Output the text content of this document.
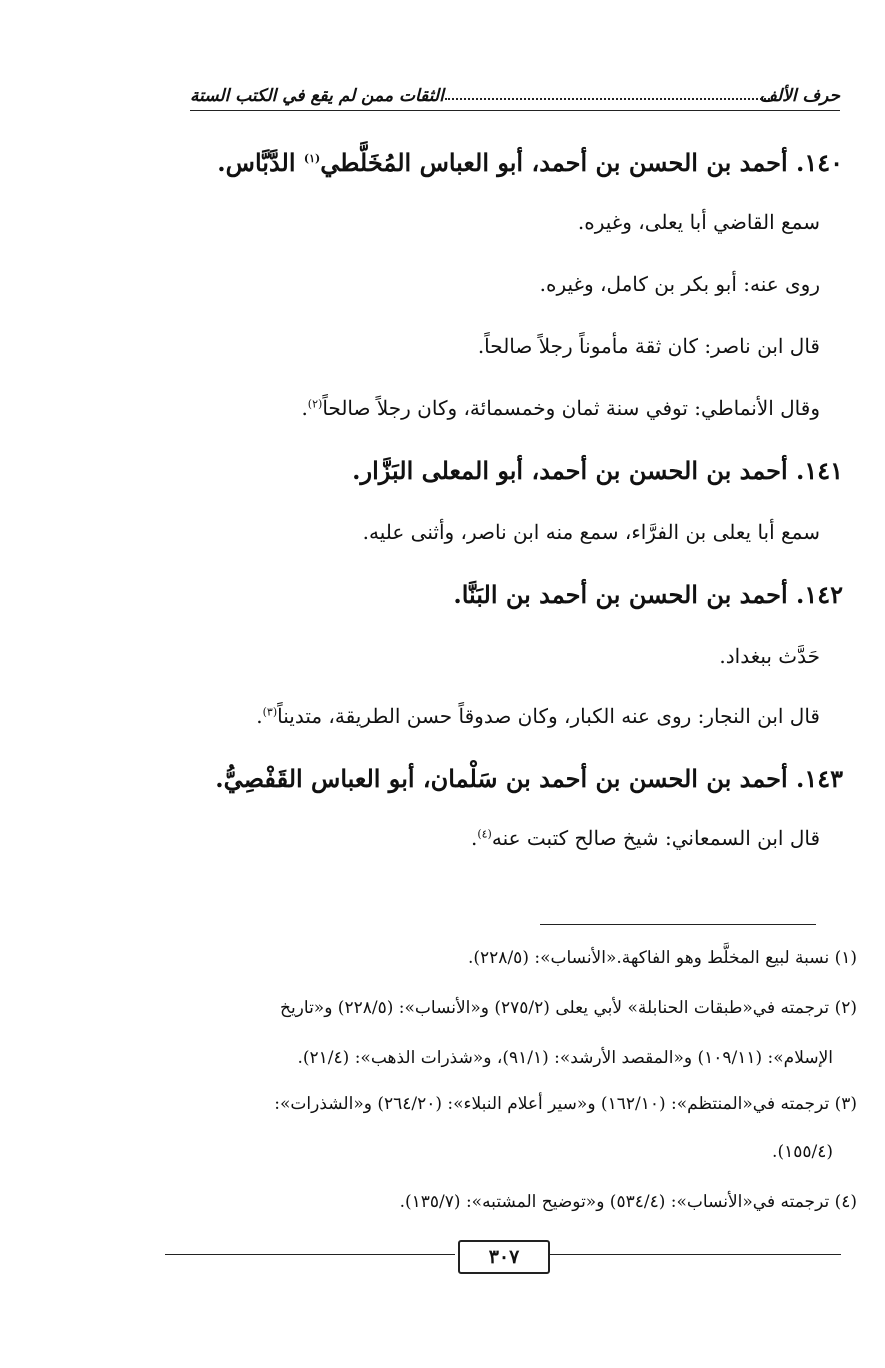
حرف الألف
الثقات ممن لم يقع في الكتب الستة
١٤٠. أحمد بن الحسن بن أحمد، أبو العباس المُخَلَّطي$^{(١)}$ الدَّبَّاس.
سمع القاضي أبا يعلى، وغيره.
روى عنه: أبو بكر بن كامل، وغيره.
قال ابن ناصر: كان ثقة مأموناً رجلاً صالحاً.
وقال الأنماطي: توفي سنة ثمان وخمسمائة، وكان رجلاً صالحاً$^{(٢)}$.
١٤١. أحمد بن الحسن بن أحمد، أبو المعلى البَزَّار.
سمع أبا يعلى بن الفرَّاء، سمع منه ابن ناصر، وأثنى عليه.
١٤٢. أحمد بن الحسن بن أحمد بن البَنَّا.
حَدَّث ببغداد.
قال ابن النجار: روى عنه الكبار، وكان صدوقاً حسن الطريقة، متديناً$^{(٣)}$.
١٤٣. أحمد بن الحسن بن أحمد بن سَلْمان، أبو العباس القَفْصِيُّ.
قال ابن السمعاني: شيخ صالح كتبت عنه$^{(٤)}$.
(١) نسبة لبيع المخلَّط وهو الفاكهة.«الأنساب»: (٢٢٨/٥).
(٢) ترجمته في«طبقات الحنابلة» لأبي يعلى (٢٧٥/٢) و«الأنساب»: (٢٢٨/٥) و«تاريخ
الإسلام»: (١٠٩/١١) و«المقصد الأرشد»: (٩١/١)، و«شذرات الذهب»: (٢١/٤).
(٣) ترجمته في«المنتظم»: (١٦٢/١٠) و«سير أعلام النبلاء»: (٢٦٤/٢٠) و«الشذرات»:
(١٥٥/٤).
(٤) ترجمته في«الأنساب»: (٥٣٤/٤) و«توضيح المشتبه»: (١٣٥/٧).
٣٠٧
